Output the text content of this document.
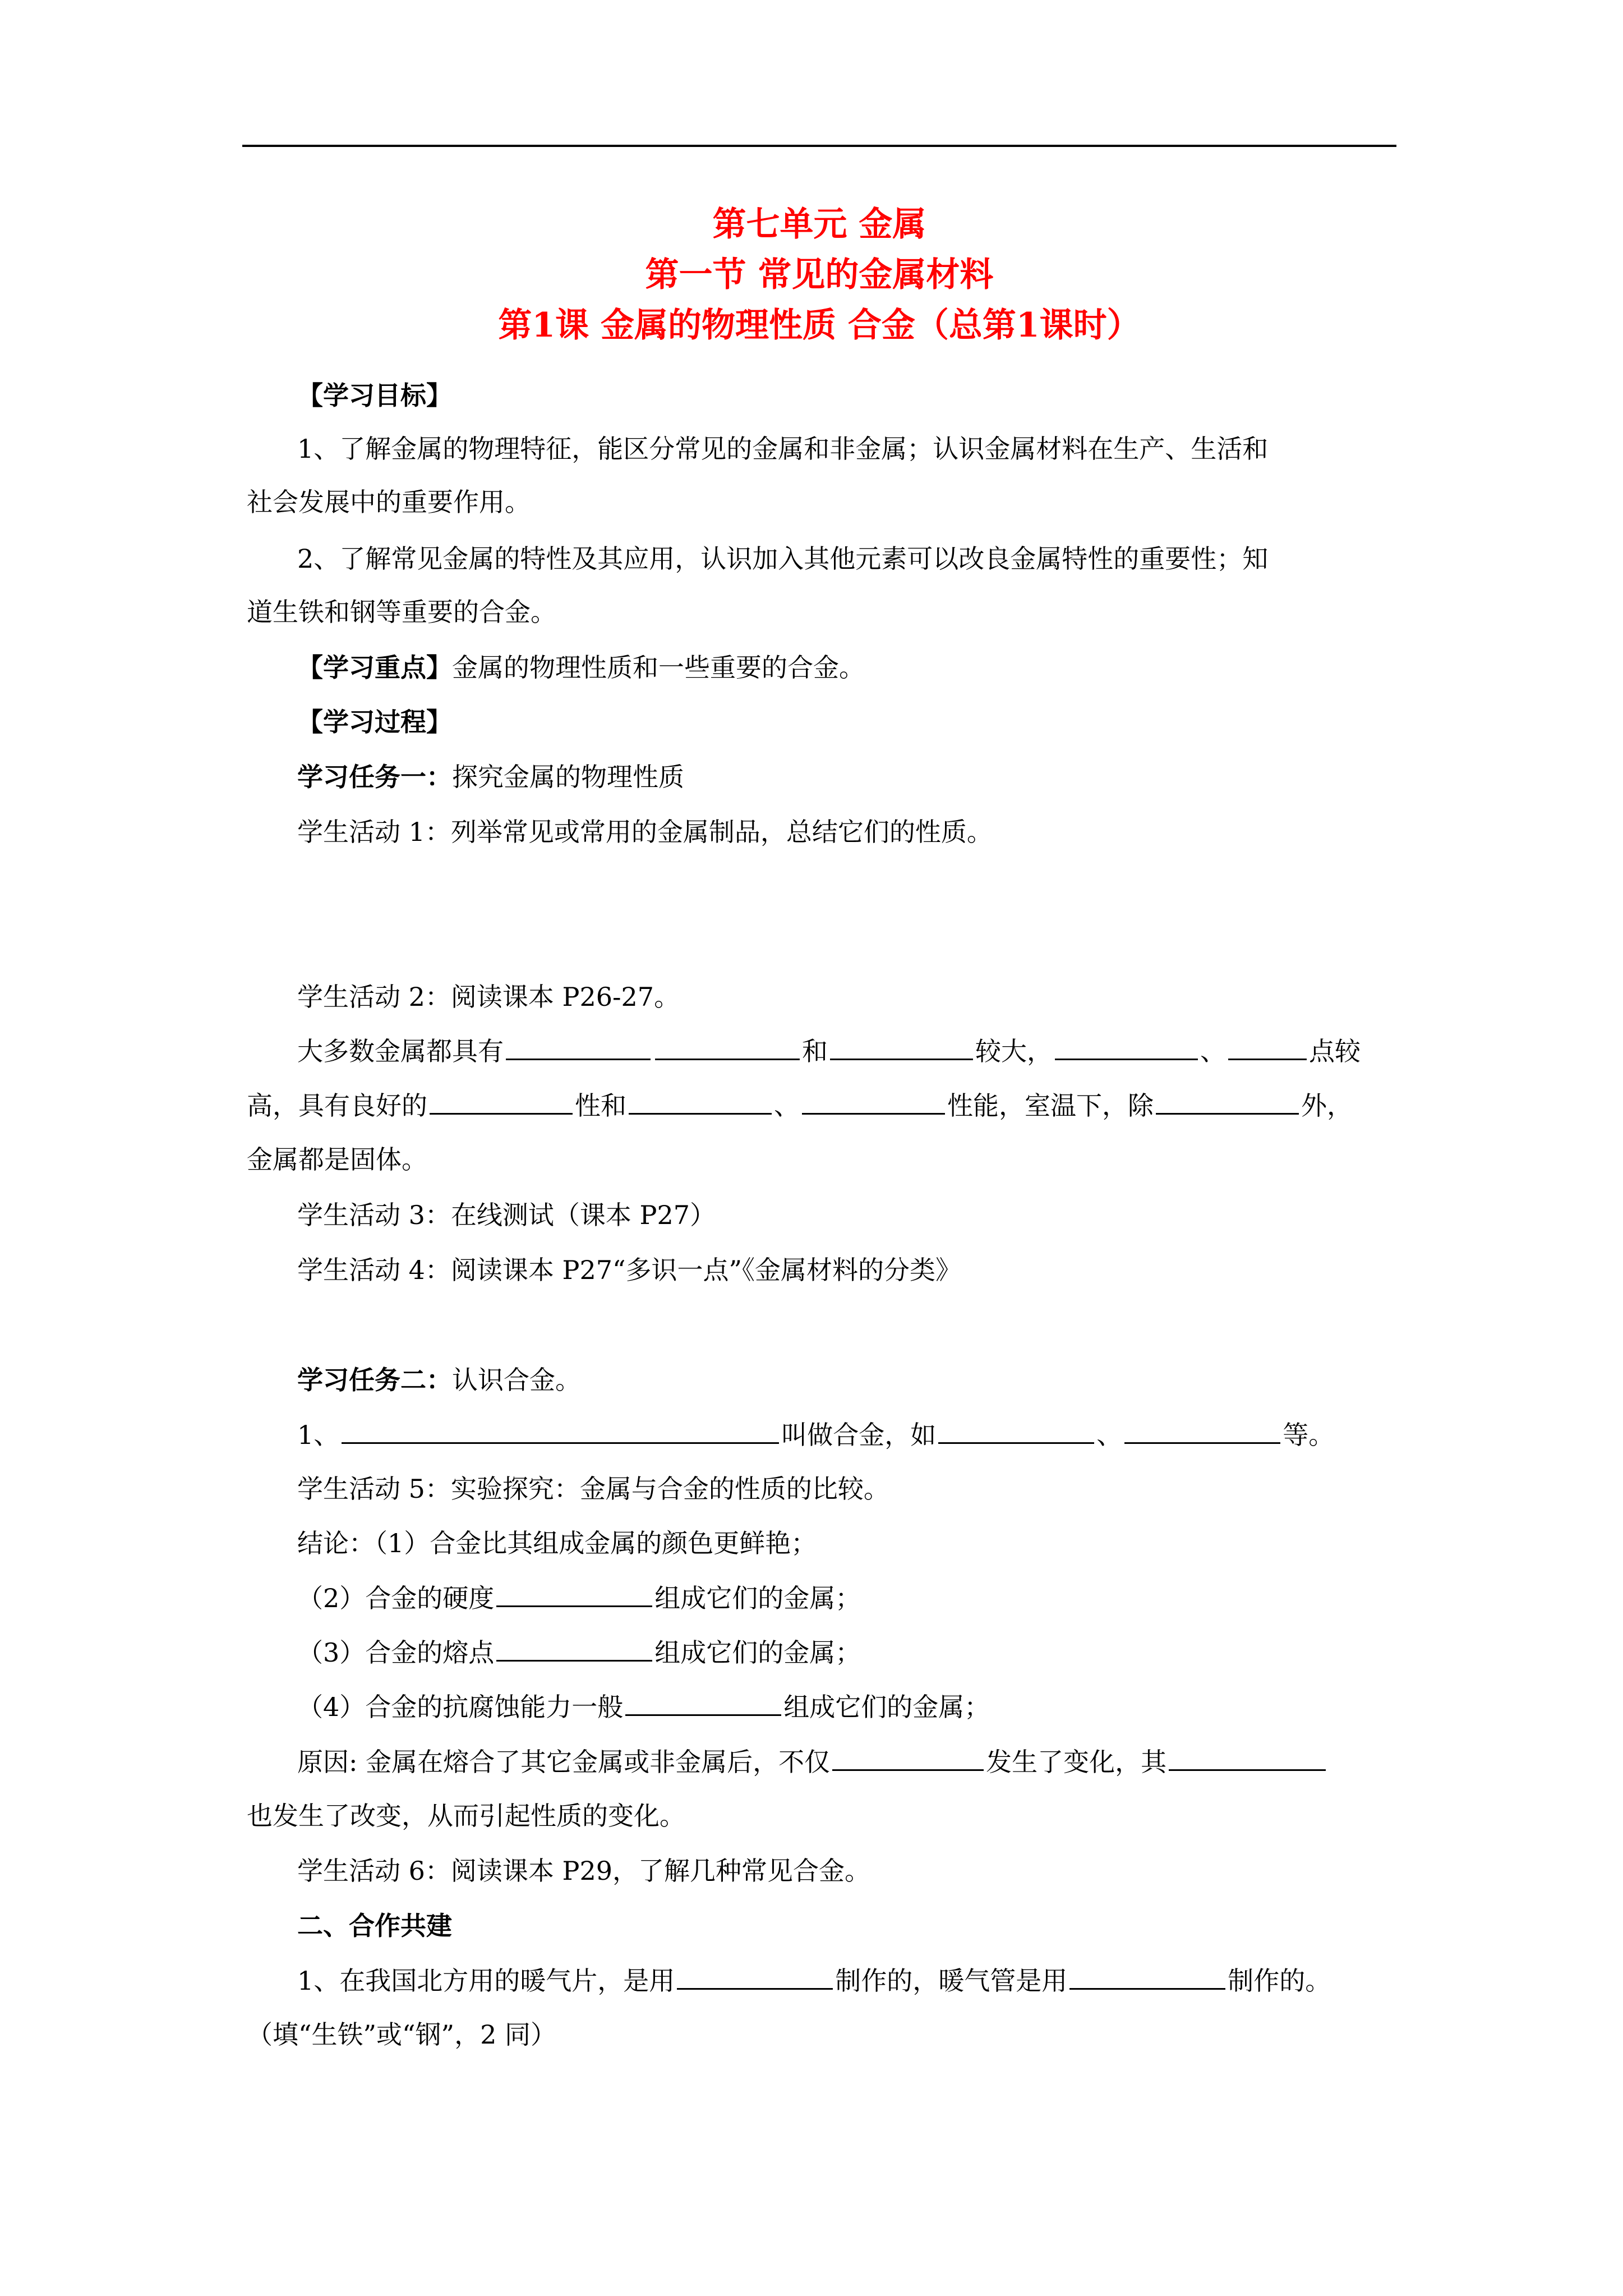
第七单元 金属
第一节 常见的金属材料
第1课 金属的物理性质 合金（总第1课时）
【学习目标】
1、了解金属的物理特征，能区分常见的金属和非金属；认识金属材料在生产、生活和
社会发展中的重要作用。
2、了解常见金属的特性及其应用，认识加入其他元素可以改良金属特性的重要性；知
道生铁和钢等重要的合金。
【学习重点】金属的物理性质和一些重要的合金。
【学习过程】
学习任务一：探究金属的物理性质
学生活动 1：列举常见或常用的金属制品，总结它们的性质。
学生活动 2：阅读课本 P26-27。
大多数金属都具有	和	较大，	、	点较
高，具有良好的	性和	、	性能，室温下，除	外，
金属都是固体。
学生活动 3：在线测试（课本 P27）
学生活动 4：阅读课本 P27“多识一点”《金属材料的分类》
学习任务二：认识合金。
1、	叫做合金，如	、	等。
学生活动 5：实验探究：金属与合金的性质的比较。
结论：（1）合金比其组成金属的颜色更鲜艳；
（2）合金的硬度	组成它们的金属；
（3）合金的熔点	组成它们的金属；
（4）合金的抗腐蚀能力一般	组成它们的金属；
原因: 金属在熔合了其它金属或非金属后，不仅	发生了变化，其
也发生了改变，从而引起性质的变化。
学生活动 6：阅读课本 P29，了解几种常见合金。
二、合作共建
1、在我国北方用的暖气片，是用	制作的，暖气管是用	制作的。
（填“生铁”或“钢”，2 同）
